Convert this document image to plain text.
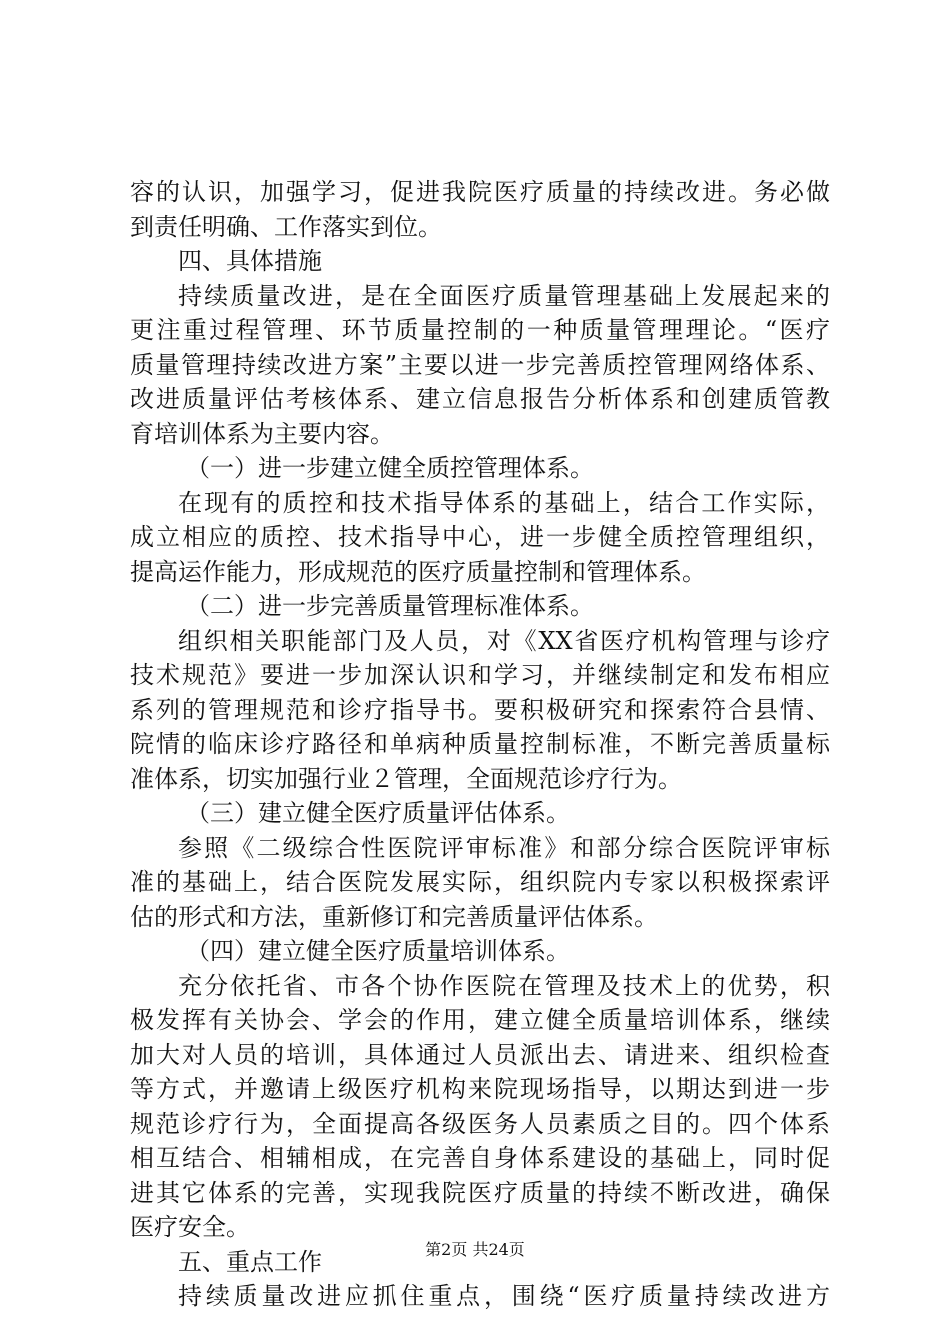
容的认识，加强学习，促进我院医疗质量的持续改进。务必做
到责任明确、工作落实到位。
四、具体措施
持续质量改进，是在全面医疗质量管理基础上发展起来的
更注重过程管理、环节质量控制的一种质量管理理论。“医疗
质量管理持续改进方案”主要以进一步完善质控管理网络体系、
改进质量评估考核体系、建立信息报告分析体系和创建质管教
育培训体系为主要内容。
（一）进一步建立健全质控管理体系。
在现有的质控和技术指导体系的基础上，结合工作实际，
成立相应的质控、技术指导中心，进一步健全质控管理组织，
提高运作能力，形成规范的医疗质量控制和管理体系。
（二）进一步完善质量管理标准体系。
组织相关职能部门及人员，对《XX省医疗机构管理与诊疗
技术规范》要进一步加深认识和学习，并继续制定和发布相应
系列的管理规范和诊疗指导书。要积极研究和探索符合县情、
院情的临床诊疗路径和单病种质量控制标准，不断完善质量标
准体系，切实加强行业２管理，全面规范诊疗行为。
（三）建立健全医疗质量评估体系。
参照《二级综合性医院评审标准》和部分综合医院评审标
准的基础上，结合医院发展实际，组织院内专家以积极探索评
估的形式和方法，重新修订和完善质量评估体系。
（四）建立健全医疗质量培训体系。
充分依托省、市各个协作医院在管理及技术上的优势，积
极发挥有关协会、学会的作用，建立健全质量培训体系，继续
加大对人员的培训，具体通过人员派出去、请进来、组织检查
等方式，并邀请上级医疗机构来院现场指导，以期达到进一步
规范诊疗行为，全面提高各级医务人员素质之目的。四个体系
相互结合、相辅相成，在完善自身体系建设的基础上，同时促
进其它体系的完善，实现我院医疗质量的持续不断改进，确保
医疗安全。
五、重点工作
持续质量改进应抓住重点，围绕“医疗质量持续改进方
第2页 共24页
